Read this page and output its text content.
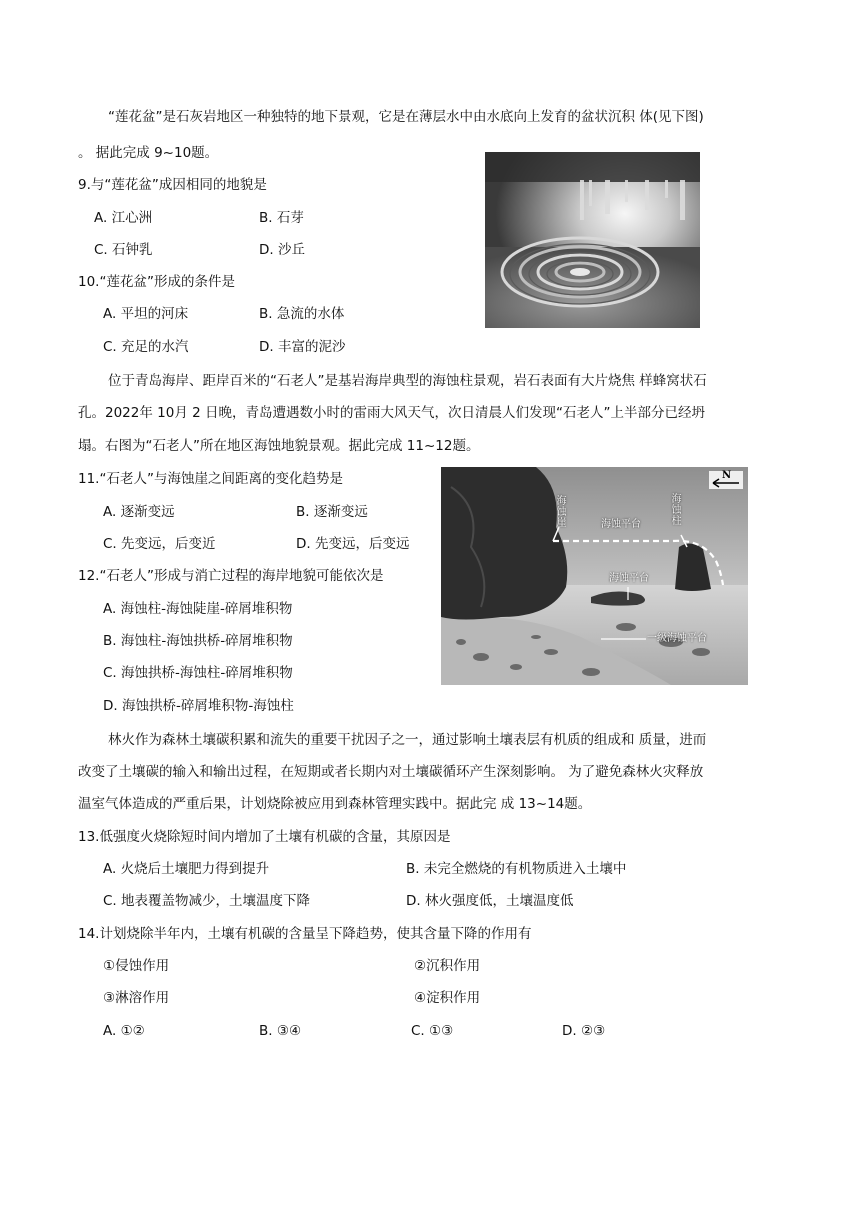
“莲花盆”是石灰岩地区一种独特的地下景观，它是在薄层水中由水底向上发育的盆状沉积 体(见下图)
。 据此完成 9~10题。
9.与“莲花盆”成因相同的地貌是
A. 江心洲	B. 石芽
C. 石钟乳	D. 沙丘
10.“莲花盆”形成的条件是
A. 平坦的河床	B. 急流的水体
C. 充足的水汽	D. 丰富的泥沙
位于青岛海岸、距岸百米的“石老人”是基岩海岸典型的海蚀柱景观，岩石表面有大片烧焦 样蜂窝状石
孔。2022年 10月 2 日晚，青岛遭遇数小时的雷雨大风天气，次日清晨人们发现“石老人”上半部分已经坍
塌。右图为“石老人”所在地区海蚀地貌景观。据此完成 11~12题。
N
海蚀崖	海蚀柱
海蚀平台
海蚀平台
一级海蚀平台
11.“石老人”与海蚀崖之间距离的变化趋势是
A. 逐渐变远	B. 逐渐变远
C. 先变远，后变近	D. 先变远，后变远
12.“石老人”形成与消亡过程的海岸地貌可能依次是
A. 海蚀柱-海蚀陡崖-碎屑堆积物
B. 海蚀柱-海蚀拱桥-碎屑堆积物
C. 海蚀拱桥-海蚀柱-碎屑堆积物
D. 海蚀拱桥-碎屑堆积物-海蚀柱
林火作为森林土壤碳积累和流失的重要干扰因子之一，通过影响土壤表层有机质的组成和 质量，进而
改变了土壤碳的输入和输出过程，在短期或者长期内对土壤碳循环产生深刻影响。 为了避免森林火灾释放
温室气体造成的严重后果，计划烧除被应用到森林管理实践中。据此完 成 13~14题。
13.低强度火烧除短时间内增加了土壤有机碳的含量，其原因是
A. 火烧后土壤肥力得到提升	B. 未完全燃烧的有机物质进入土壤中
C. 地表覆盖物减少，土壤温度下降	D. 林火强度低，土壤温度低
14.计划烧除半年内，土壤有机碳的含量呈下降趋势，使其含量下降的作用有
①侵蚀作用	②沉积作用
③淋溶作用	④淀积作用
A. ①②	B. ③④	C. ①③	D. ②③
